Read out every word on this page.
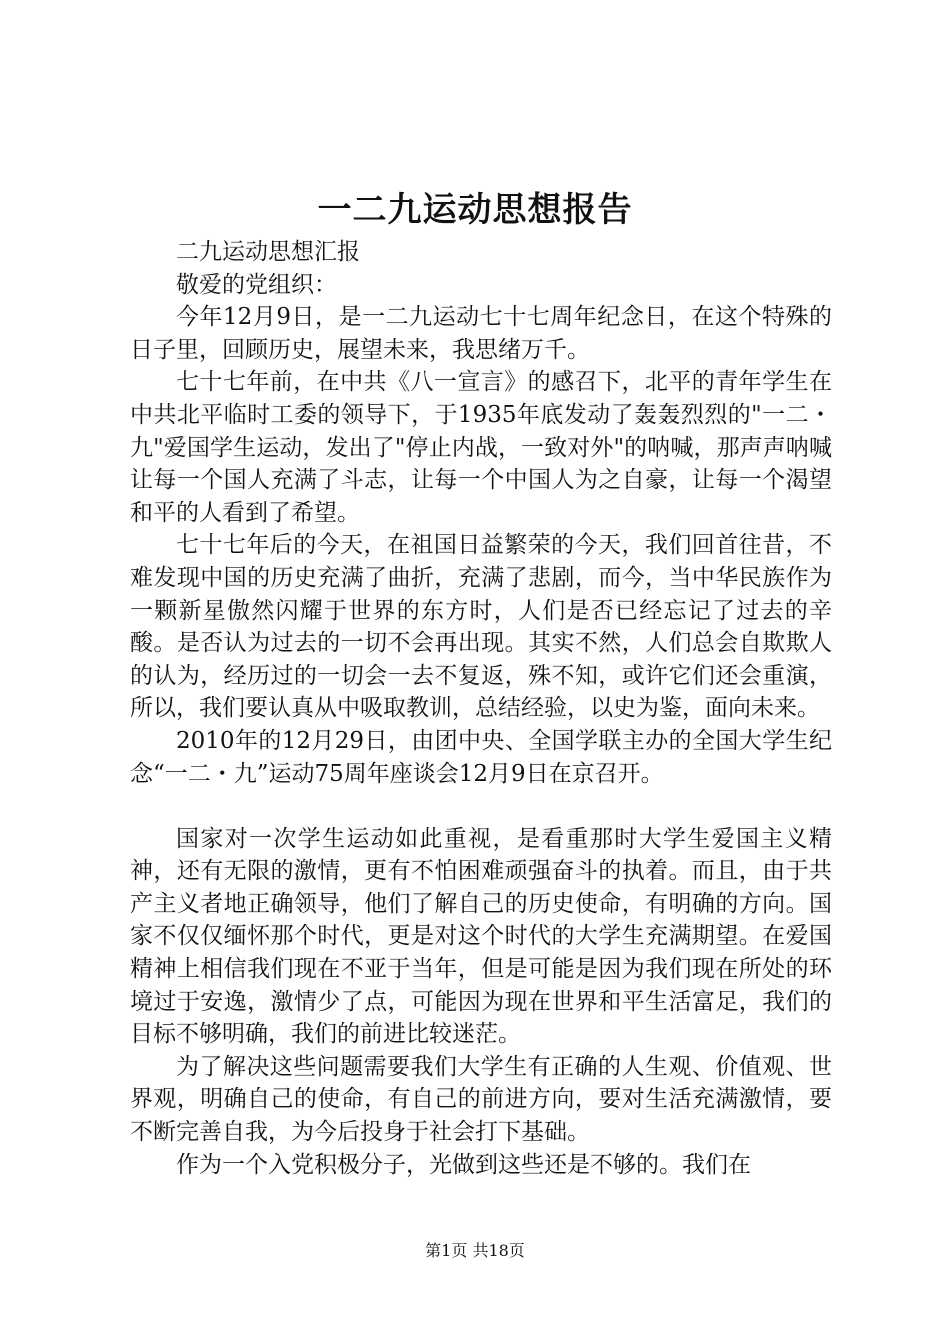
一二九运动思想报告

二九运动思想汇报

敬爱的党组织：

今年12月9日，是一二九运动七十七周年纪念日，在这个特殊的日子里，回顾历史，展望未来，我思绪万千。

七十七年前，在中共《八一宣言》的感召下，北平的青年学生在中共北平临时工委的领导下，于1935年底发动了轰轰烈烈的"一二・九"爱国学生运动，发出了"停止内战，一致对外"的呐喊，那声声呐喊让每一个国人充满了斗志，让每一个中国人为之自豪，让每一个渴望和平的人看到了希望。

七十七年后的今天，在祖国日益繁荣的今天，我们回首往昔，不难发现中国的历史充满了曲折，充满了悲剧，而今，当中华民族作为一颗新星傲然闪耀于世界的东方时，人们是否已经忘记了过去的辛酸。是否认为过去的一切不会再出现。其实不然，人们总会自欺欺人的认为，经历过的一切会一去不复返，殊不知，或许它们还会重演，所以，我们要认真从中吸取教训，总结经验，以史为鉴，面向未来。

2010年的12月29日，由团中央、全国学联主办的全国大学生纪念“一二・九”运动75周年座谈会12月9日在京召开。

国家对一次学生运动如此重视，是看重那时大学生爱国主义精神，还有无限的激情，更有不怕困难顽强奋斗的执着。而且，由于共产主义者地正确领导，他们了解自己的历史使命，有明确的方向。国家不仅仅缅怀那个时代，更是对这个时代的大学生充满期望。在爱国精神上相信我们现在不亚于当年，但是可能是因为我们现在所处的环境过于安逸，激情少了点，可能因为现在世界和平生活富足，我们的目标不够明确，我们的前进比较迷茫。

为了解决这些问题需要我们大学生有正确的人生观、价值观、世界观，明确自己的使命，有自己的前进方向，要对生活充满激情，要不断完善自我，为今后投身于社会打下基础。

作为一个入党积极分子，光做到这些还是不够的。我们在

第1页 共18页
